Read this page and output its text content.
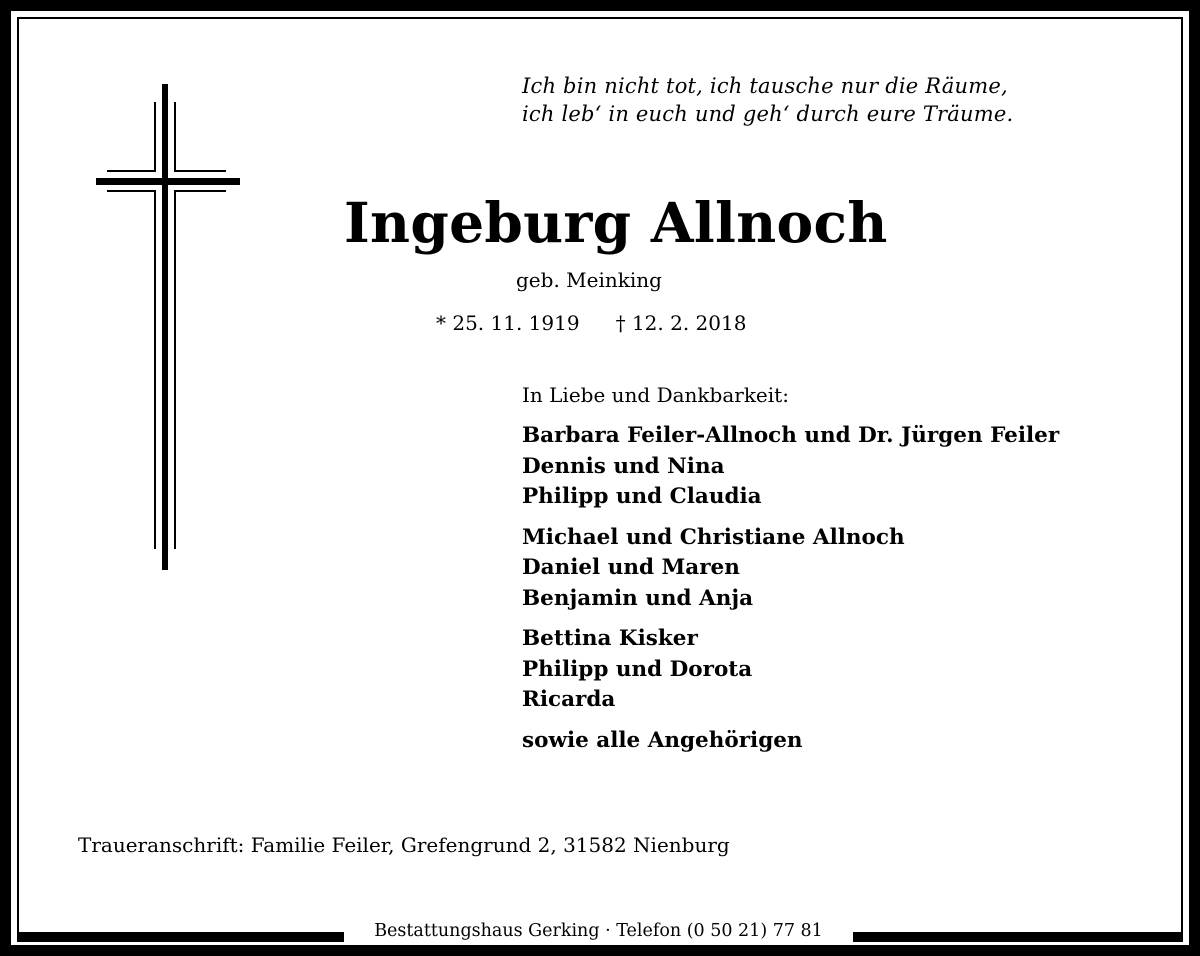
Ich bin nicht tot, ich tausche nur die Räume,
ich leb‘ in euch und geh‘ durch eure Träume.
Ingeburg Allnoch
geb. Meinking
* 25. 11. 1919 † 12. 2. 2018
In Liebe und Dankbarkeit:
Barbara Feiler-Allnoch und Dr. Jürgen Feiler
Dennis und Nina
Philipp und Claudia
Michael und Christiane Allnoch
Daniel und Maren
Benjamin und Anja
Bettina Kisker
Philipp und Dorota
Ricarda
sowie alle Angehörigen
Traueranschrift: Familie Feiler, Grefengrund 2, 31582 Nienburg
Bestattungshaus Gerking · Telefon (0 50 21) 77 81
